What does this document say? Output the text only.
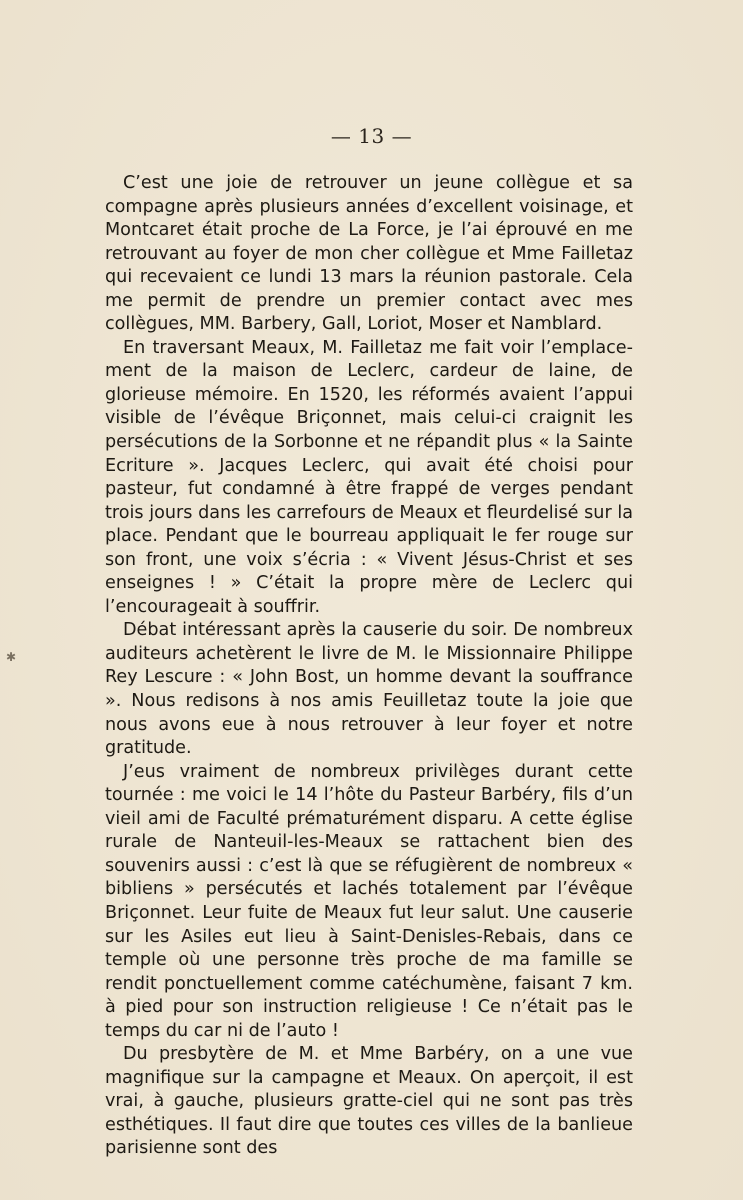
— 13 —
✱

C’est une joie de retrouver un jeune collègue et sa compagne après plusieurs années d’excellent voisinage, et Montcaret était proche de La Force, je l’ai éprouvé en me retrouvant au foyer de mon cher collègue et Mme Failletaz qui recevaient ce lundi 13 mars la réunion pastorale. Cela me permit de prendre un premier contact avec mes collègues, MM. Barbery, Gall, Loriot, Moser et Namblard.

En traversant Meaux, M. Failletaz me fait voir l’emplacement de la maison de Leclerc, cardeur de laine, de glorieuse mémoire. En 1520, les réformés avaient l’appui visible de l’évêque Briçonnet, mais celui-ci craignit les persécutions de la Sorbonne et ne répandit plus « la Sainte Ecriture ». Jacques Leclerc, qui avait été choisi pour pasteur, fut condamné à être frappé de verges pendant trois jours dans les carrefours de Meaux et fleurdelisé sur la place. Pendant que le bourreau appliquait le fer rouge sur son front, une voix s’écria : « Vivent Jésus-Christ et ses enseignes ! » C’était la propre mère de Leclerc qui l’encourageait à souffrir.

Débat intéressant après la causerie du soir. De nombreux auditeurs achetèrent le livre de M. le Missionnaire Philippe Rey Lescure : « John Bost, un homme devant la souffrance ». Nous redisons à nos amis Feuilletaz toute la joie que nous avons eue à nous retrouver à leur foyer et notre gratitude.

J’eus vraiment de nombreux privilèges durant cette tournée : me voici le 14 l’hôte du Pasteur Barbéry, fils d’un vieil ami de Faculté prématurément disparu. A cette église rurale de Nanteuil-les-Meaux se rattachent bien des souvenirs aussi : c’est là que se réfugièrent de nombreux « bibliens » persécutés et lachés totalement par l’évêque Briçonnet. Leur fuite de Meaux fut leur salut. Une causerie sur les Asiles eut lieu à Saint-Denisles-Rebais, dans ce temple où une personne très proche de ma famille se rendit ponctuellement comme catéchumène, faisant 7 km. à pied pour son instruction religieuse ! Ce n’était pas le temps du car ni de l’auto !

Du presbytère de M. et Mme Barbéry, on a une vue magnifique sur la campagne et Meaux. On aperçoit, il est vrai, à gauche, plusieurs gratte-ciel qui ne sont pas très esthétiques. Il faut dire que toutes ces villes de la banlieue parisienne sont des
